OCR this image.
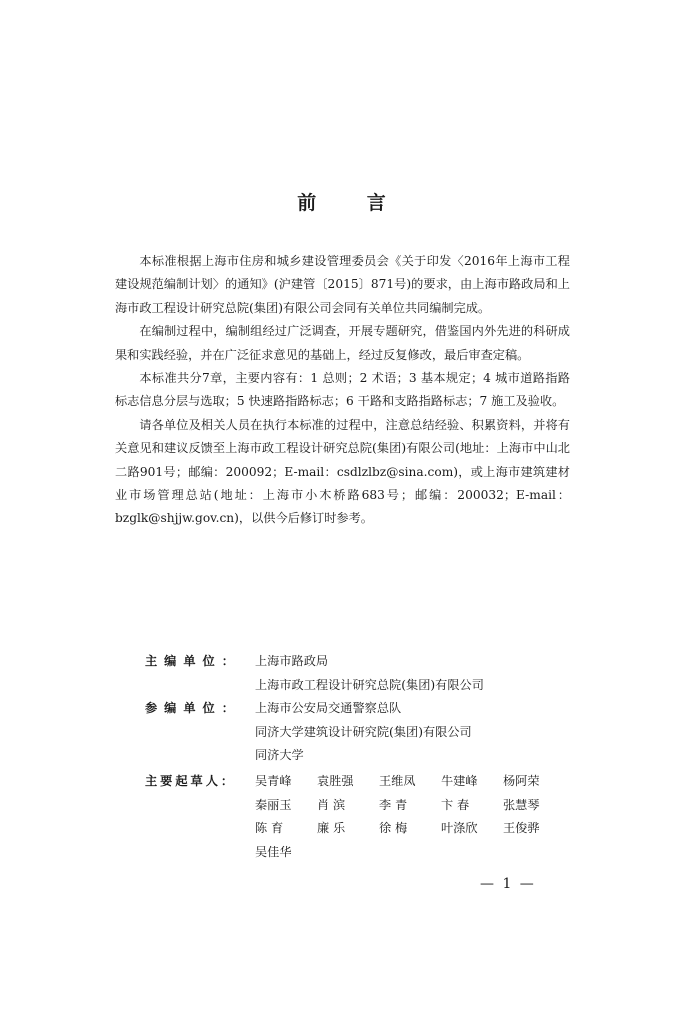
前 言

本标准根据上海市住房和城乡建设管理委员会《关于印发〈2016年上海市工程建设规范编制计划〉的通知》(沪建管〔2015〕871号)的要求，由上海市路政局和上海市政工程设计研究总院(集团)有限公司会同有关单位共同编制完成。

在编制过程中，编制组经过广泛调查，开展专题研究，借鉴国内外先进的科研成果和实践经验，并在广泛征求意见的基础上，经过反复修改，最后审查定稿。

本标准共分7章，主要内容有：1 总则；2 术语；3 基本规定；4 城市道路指路标志信息分层与选取；5 快速路指路标志；6 干路和支路指路标志；7 施工及验收。

请各单位及相关人员在执行本标准的过程中，注意总结经验、积累资料，并将有关意见和建议反馈至上海市政工程设计研究总院(集团)有限公司(地址：上海市中山北二路901号；邮编：200092；E-mail：csdlzlbz@sina.com)，或上海市建筑建材业市场管理总站(地址：上海市小木桥路683号；邮编：200032；E-mail：bzglk@shjjw.gov.cn)，以供今后修订时参考。

主编单位： 上海市路政局
上海市政工程设计研究总院(集团)有限公司
参编单位： 上海市公安局交通警察总队
同济大学建筑设计研究院(集团)有限公司
同济大学
主要起草人： 吴青峰	袁胜强	王维凤	牛建峰	杨阿荣
秦丽玉	肖 滨	李 青	卞 春	张慧琴
陈 育	廉 乐	徐 梅	叶涤欣	王俊骅
吴佳华
— 1 —
